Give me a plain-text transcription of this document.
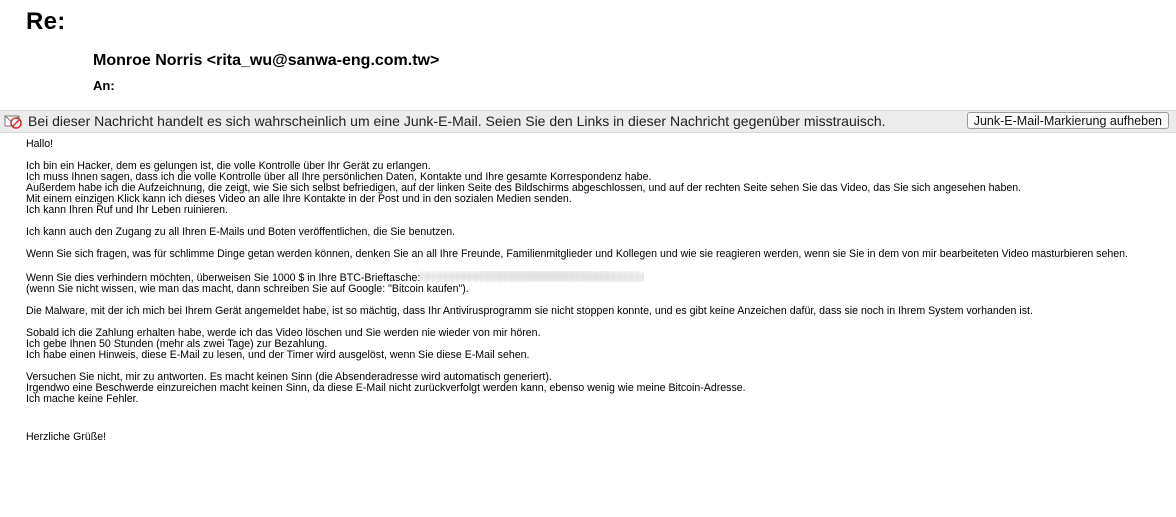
Re:
Monroe Norris <rita_wu@sanwa-eng.com.tw>
An:
Bei dieser Nachricht handelt es sich wahrscheinlich um eine Junk-E-Mail. Seien Sie den Links in dieser Nachricht gegenüber misstrauisch.	Junk-E-Mail-Markierung aufheben
Hallo!
Ich bin ein Hacker, dem es gelungen ist, die volle Kontrolle über Ihr Gerät zu erlangen.
Ich muss Ihnen sagen, dass ich die volle Kontrolle über all Ihre persönlichen Daten, Kontakte und Ihre gesamte Korrespondenz habe.
Außerdem habe ich die Aufzeichnung, die zeigt, wie Sie sich selbst befriedigen, auf der linken Seite des Bildschirms abgeschlossen, und auf der rechten Seite sehen Sie das Video, das Sie sich angesehen haben.
Mit einem einzigen Klick kann ich dieses Video an alle Ihre Kontakte in der Post und in den sozialen Medien senden.
Ich kann Ihren Ruf und Ihr Leben ruinieren.
Ich kann auch den Zugang zu all Ihren E-Mails und Boten veröffentlichen, die Sie benutzen.
Wenn Sie sich fragen, was für schlimme Dinge getan werden können, denken Sie an all Ihre Freunde, Familienmitglieder und Kollegen und wie sie reagieren werden, wenn sie Sie in dem von mir bearbeiteten Video masturbieren sehen.
Wenn Sie dies verhindern möchten, überweisen Sie 1000 $ in Ihre BTC-Brieftasche:
(wenn Sie nicht wissen, wie man das macht, dann schreiben Sie auf Google: "Bitcoin kaufen").
Die Malware, mit der ich mich bei Ihrem Gerät angemeldet habe, ist so mächtig, dass Ihr Antivirusprogramm sie nicht stoppen konnte, und es gibt keine Anzeichen dafür, dass sie noch in Ihrem System vorhanden ist.
Sobald ich die Zahlung erhalten habe, werde ich das Video löschen und Sie werden nie wieder von mir hören.
Ich gebe Ihnen 50 Stunden (mehr als zwei Tage) zur Bezahlung.
Ich habe einen Hinweis, diese E-Mail zu lesen, und der Timer wird ausgelöst, wenn Sie diese E-Mail sehen.
Versuchen Sie nicht, mir zu antworten. Es macht keinen Sinn (die Absenderadresse wird automatisch generiert).
Irgendwo eine Beschwerde einzureichen macht keinen Sinn, da diese E-Mail nicht zurückverfolgt werden kann, ebenso wenig wie meine Bitcoin-Adresse.
Ich mache keine Fehler.
Herzliche Grüße!
